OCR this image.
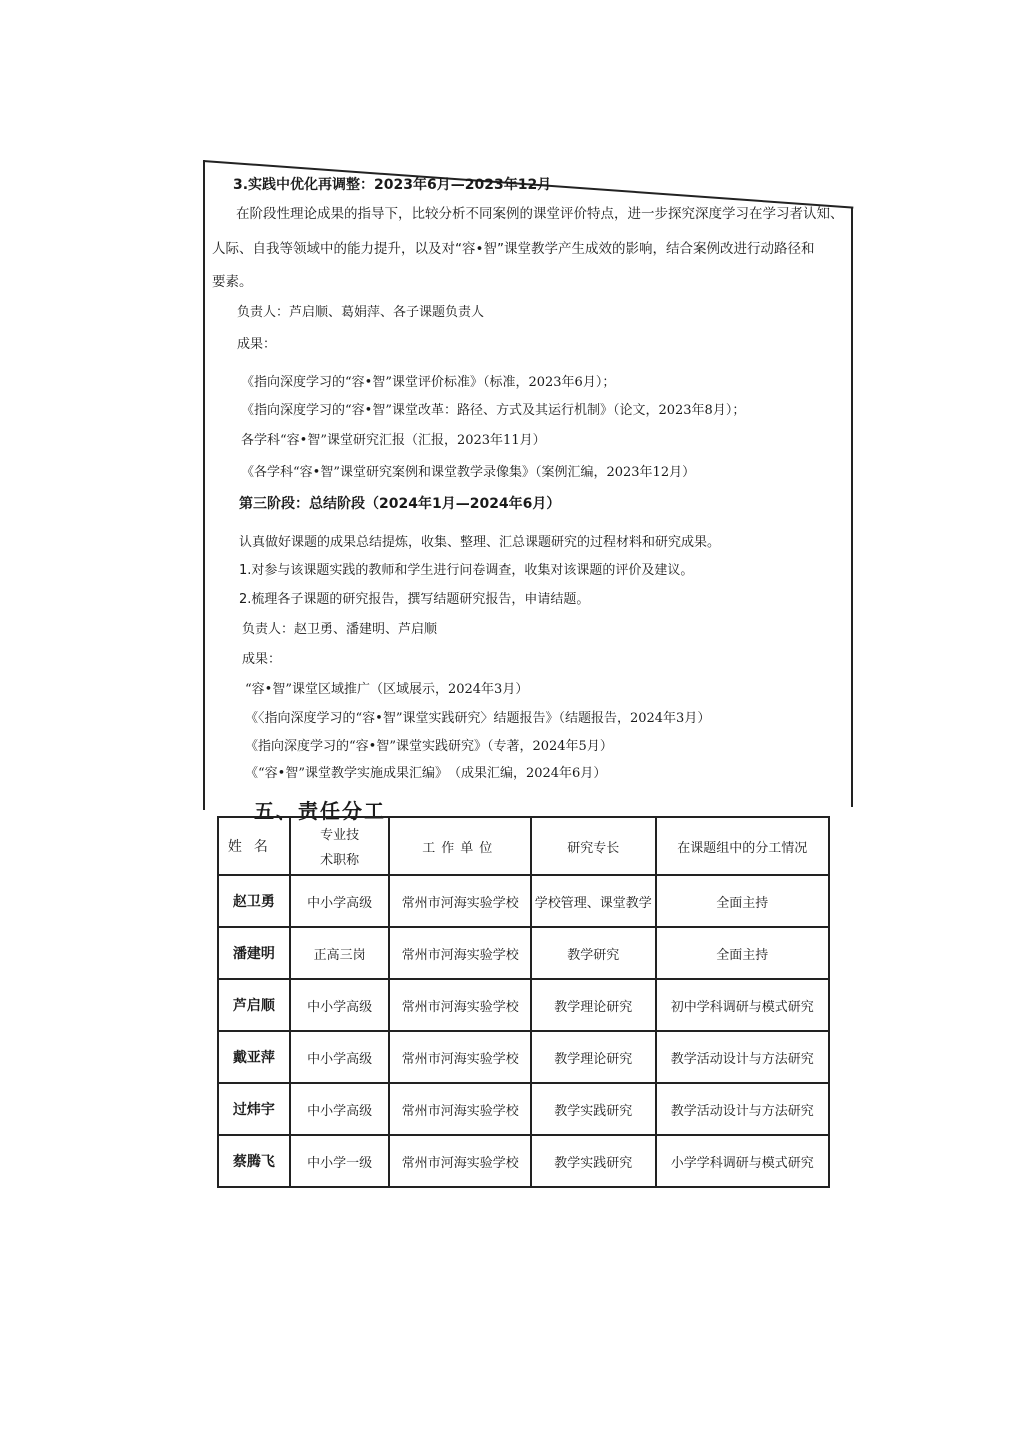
3.实践中优化再调整：2023年6月—2023年12月
在阶段性理论成果的指导下，比较分析不同案例的课堂评价特点，进一步探究深度学习在学习者认知、
人际、自我等领域中的能力提升，以及对“容•智”课堂教学产生成效的影响，结合案例改进行动路径和
要素。
负责人：芦启顺、葛娟萍、各子课题负责人
成果：
《指向深度学习的“容•智”课堂评价标准》（标准，2023年6月）；
《指向深度学习的“容•智”课堂改革：路径、方式及其运行机制》（论文，2023年8月）；
各学科“容•智”课堂研究汇报（汇报，2023年11月）
《各学科“容•智”课堂研究案例和课堂教学录像集》（案例汇编，2023年12月）
第三阶段：总结阶段（2024年1月—2024年6月）
认真做好课题的成果总结提炼，收集、整理、汇总课题研究的过程材料和研究成果。
1.对参与该课题实践的教师和学生进行问卷调查，收集对该课题的评价及建议。
2.梳理各子课题的研究报告，撰写结题研究报告，申请结题。
负责人：赵卫勇、潘建明、芦启顺
成果：
“容•智”课堂区域推广（区域展示，2024年3月）
《〈指向深度学习的“容•智”课堂实践研究〉结题报告》（结题报告，2024年3月）
《指向深度学习的“容•智”课堂实践研究》（专著，2024年5月）
《“容•智”课堂教学实施成果汇编》　（成果汇编，2024年6月）
五、责任分工
姓名	专业技
术职称	工作单位	研究专长	在课题组中的分工情况
赵卫勇	中小学高级	常州市河海实验学校	学校管理、课堂教学	全面主持
潘建明	正高三岗	常州市河海实验学校	教学研究	全面主持
芦启顺	中小学高级	常州市河海实验学校	教学理论研究	初中学科调研与模式研究
戴亚萍	中小学高级	常州市河海实验学校	教学理论研究	教学活动设计与方法研究
过炜宇	中小学高级	常州市河海实验学校	教学实践研究	教学活动设计与方法研究
蔡腾飞	中小学一级	常州市河海实验学校	教学实践研究	小学学科调研与模式研究
